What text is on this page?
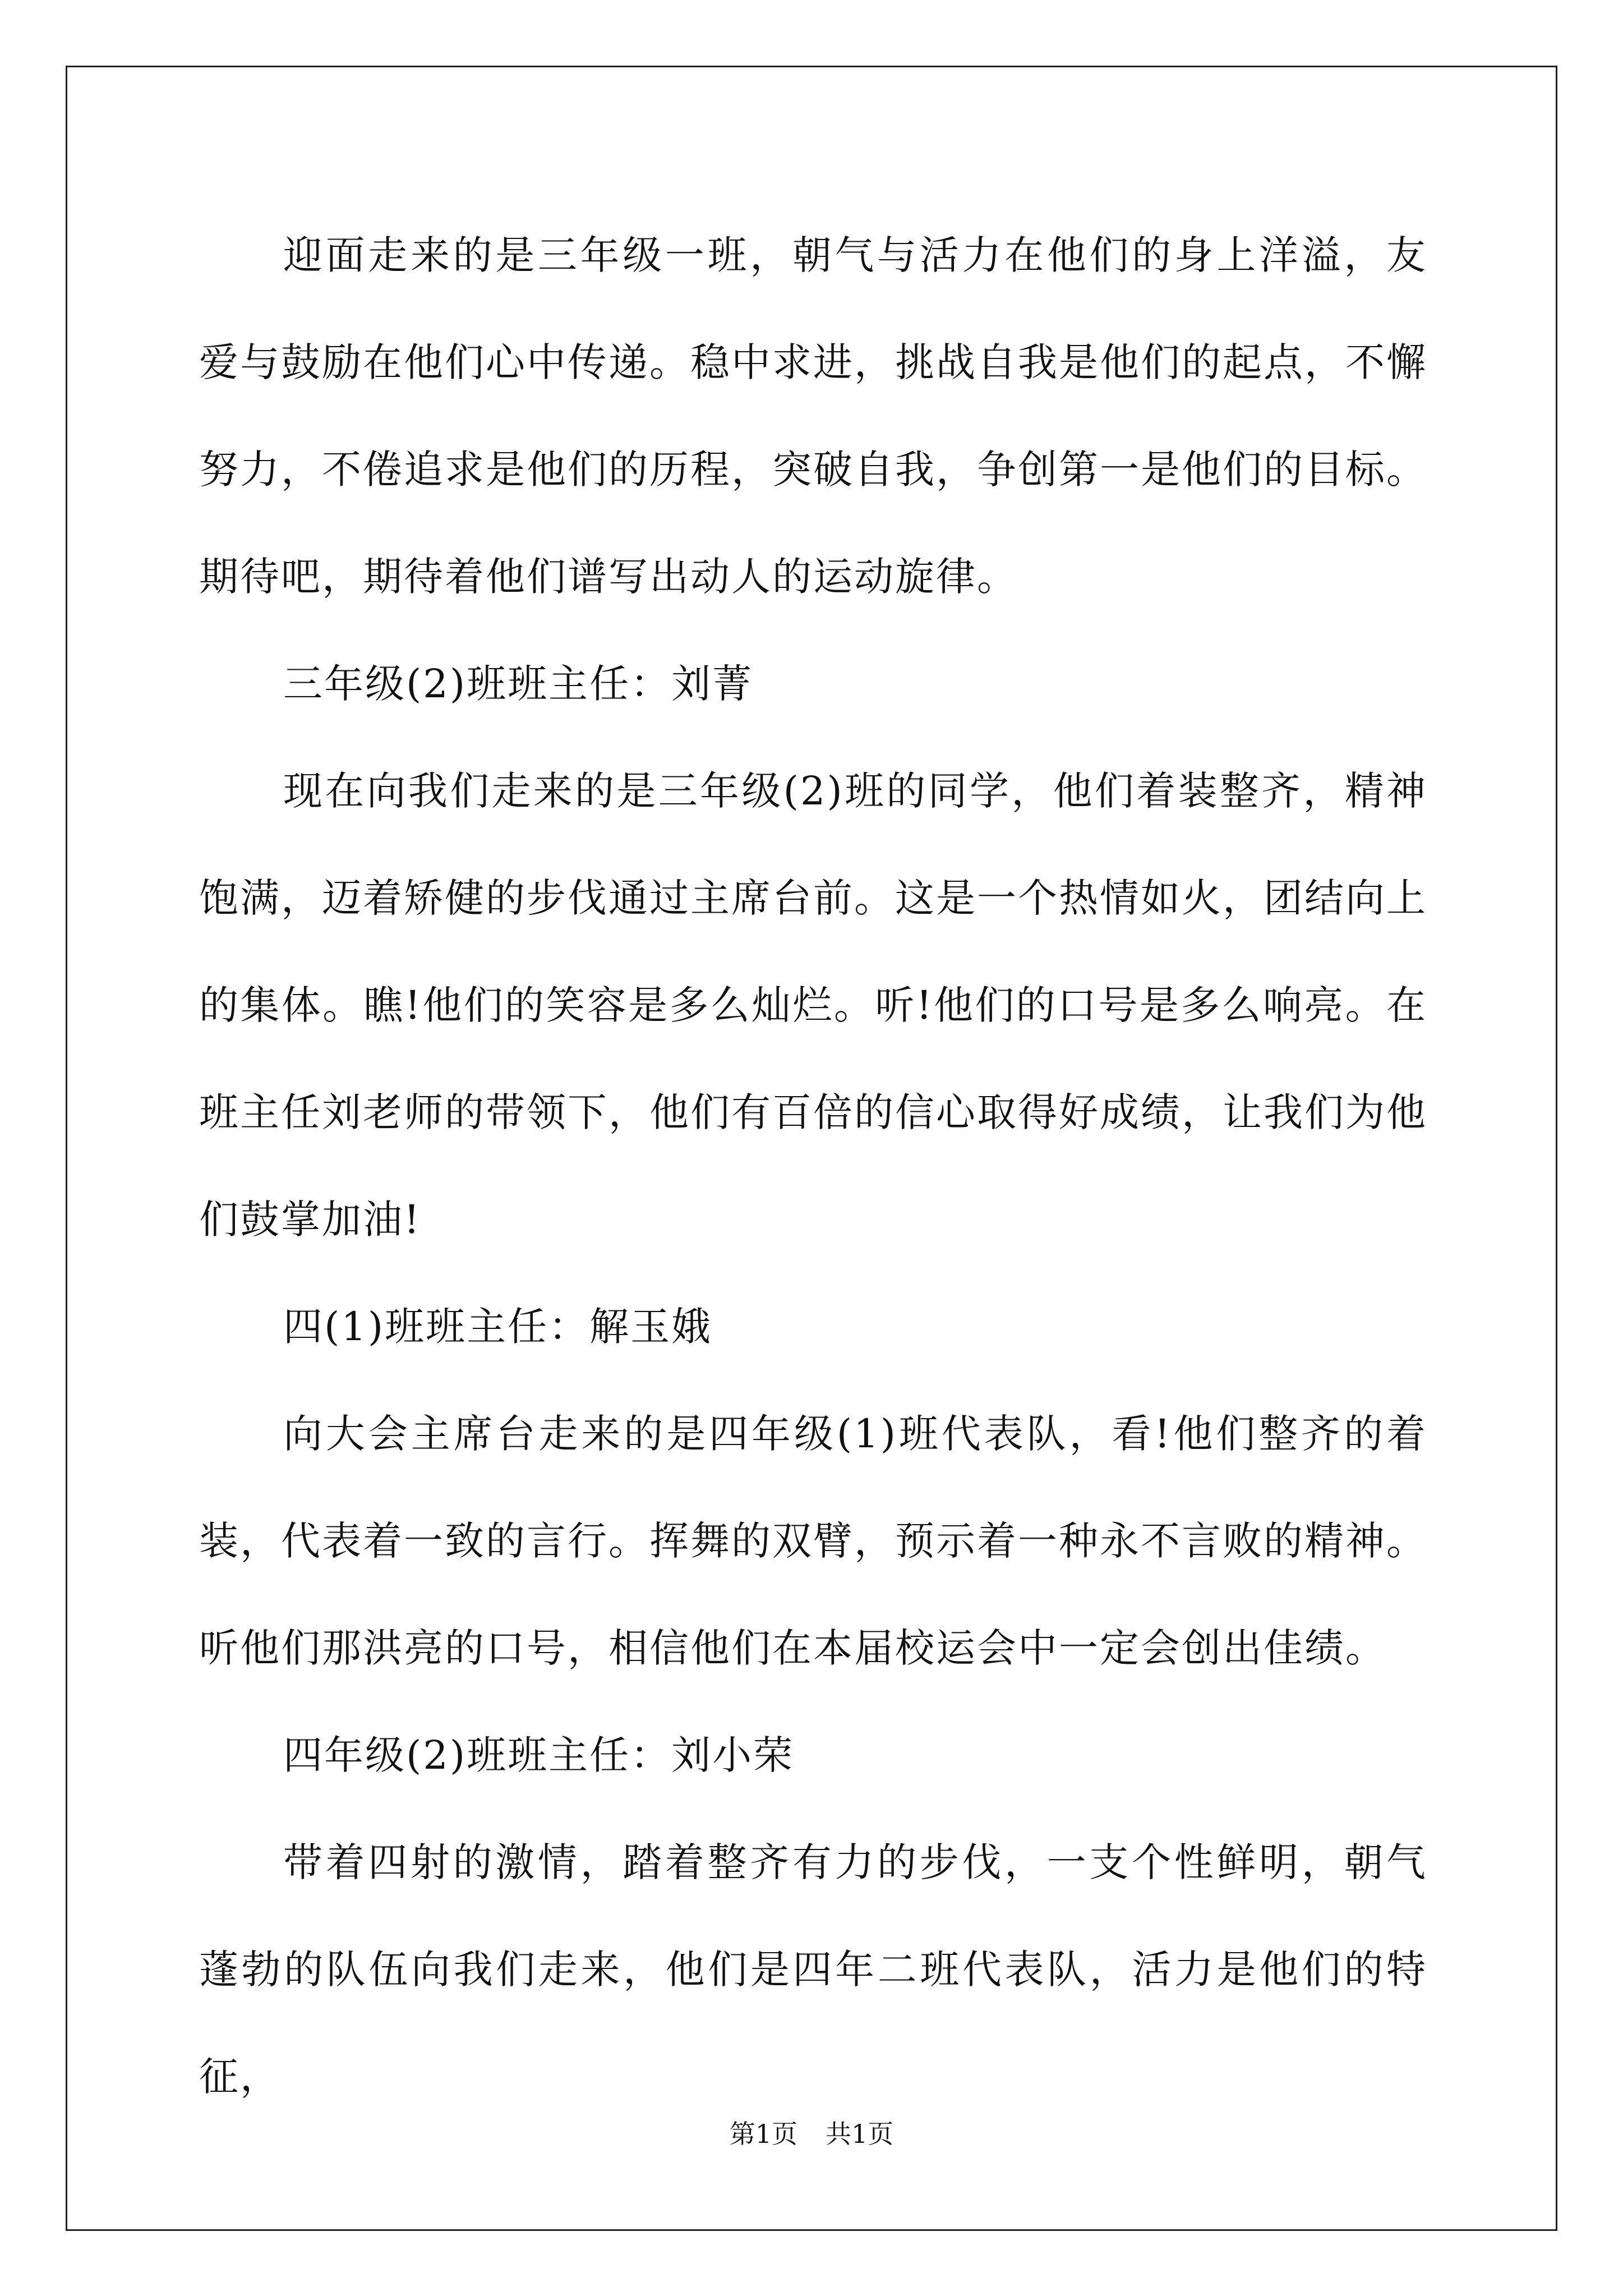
迎面走来的是三年级一班，朝气与活力在他们的身上洋溢，友爱与鼓励在他们心中传递。稳中求进，挑战自我是他们的起点，不懈努力，不倦追求是他们的历程，突破自我，争创第一是他们的目标。期待吧，期待着他们谱写出动人的运动旋律。

三年级(2)班班主任：刘菁

现在向我们走来的是三年级(2)班的同学，他们着装整齐，精神饱满，迈着矫健的步伐通过主席台前。这是一个热情如火，团结向上的集体。瞧!他们的笑容是多么灿烂。听!他们的口号是多么响亮。在班主任刘老师的带领下，他们有百倍的信心取得好成绩，让我们为他们鼓掌加油!

四(1)班班主任：解玉娥

向大会主席台走来的是四年级(1)班代表队，看!他们整齐的着装，代表着一致的言行。挥舞的双臂，预示着一种永不言败的精神。听他们那洪亮的口号，相信他们在本届校运会中一定会创出佳绩。

四年级(2)班班主任：刘小荣

带着四射的激情，踏着整齐有力的步伐，一支个性鲜明，朝气蓬勃的队伍向我们走来，他们是四年二班代表队，活力是他们的特征，

第1页 共1页
